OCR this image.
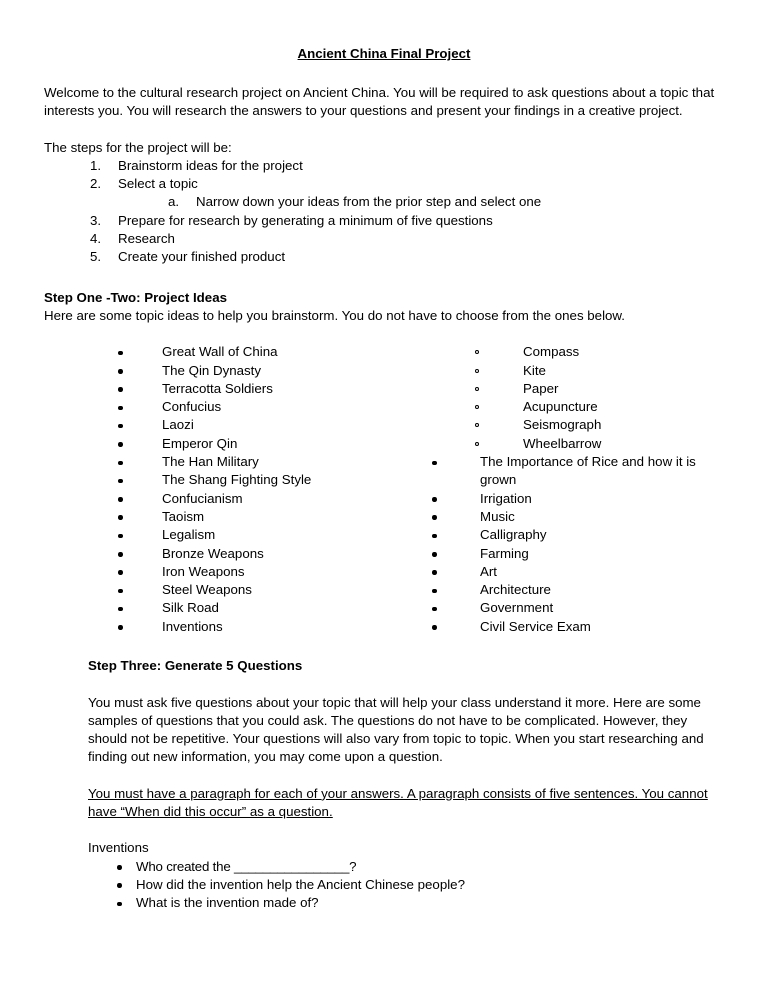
Ancient China Final Project

Welcome to the cultural research project on Ancient China. You will be required to ask questions about a topic that interests you. You will research the answers to your questions and present your findings in a creative project.

The steps for the project will be:

Brainstorm ideas for the project
Select a topic
Narrow down your ideas from the prior step and select one
Prepare for research by generating a minimum of five questions
Research
Create your finished product

Step One -Two: Project Ideas

Here are some topic ideas to help you brainstorm. You do not have to choose from the ones below.

Great Wall of China
The Qin Dynasty
Terracotta Soldiers
Confucius
Laozi
Emperor Qin
The Han Military
The Shang Fighting Style
Confucianism
Taoism
Legalism
Bronze Weapons
Iron Weapons
Steel Weapons
Silk Road
Inventions
Compass
Kite
Paper
Acupuncture
Seismograph
Wheelbarrow
The Importance of Rice and how it is grown
Irrigation
Music
Calligraphy
Farming
Art
Architecture
Government
Civil Service Exam

Step Three: Generate 5 Questions

You must ask five questions about your topic that will help your class understand it more. Here are some samples of questions that you could ask. The questions do not have to be complicated. However, they should not be repetitive. Your questions will also vary from topic to topic. When you start researching and finding out new information, you may come upon a question.

You must have a paragraph for each of your answers. A paragraph consists of five sentences. You cannot have “When did this occur” as a question.

Inventions

Who created the ________________?
How did the invention help the Ancient Chinese people?
What is the invention made of?
